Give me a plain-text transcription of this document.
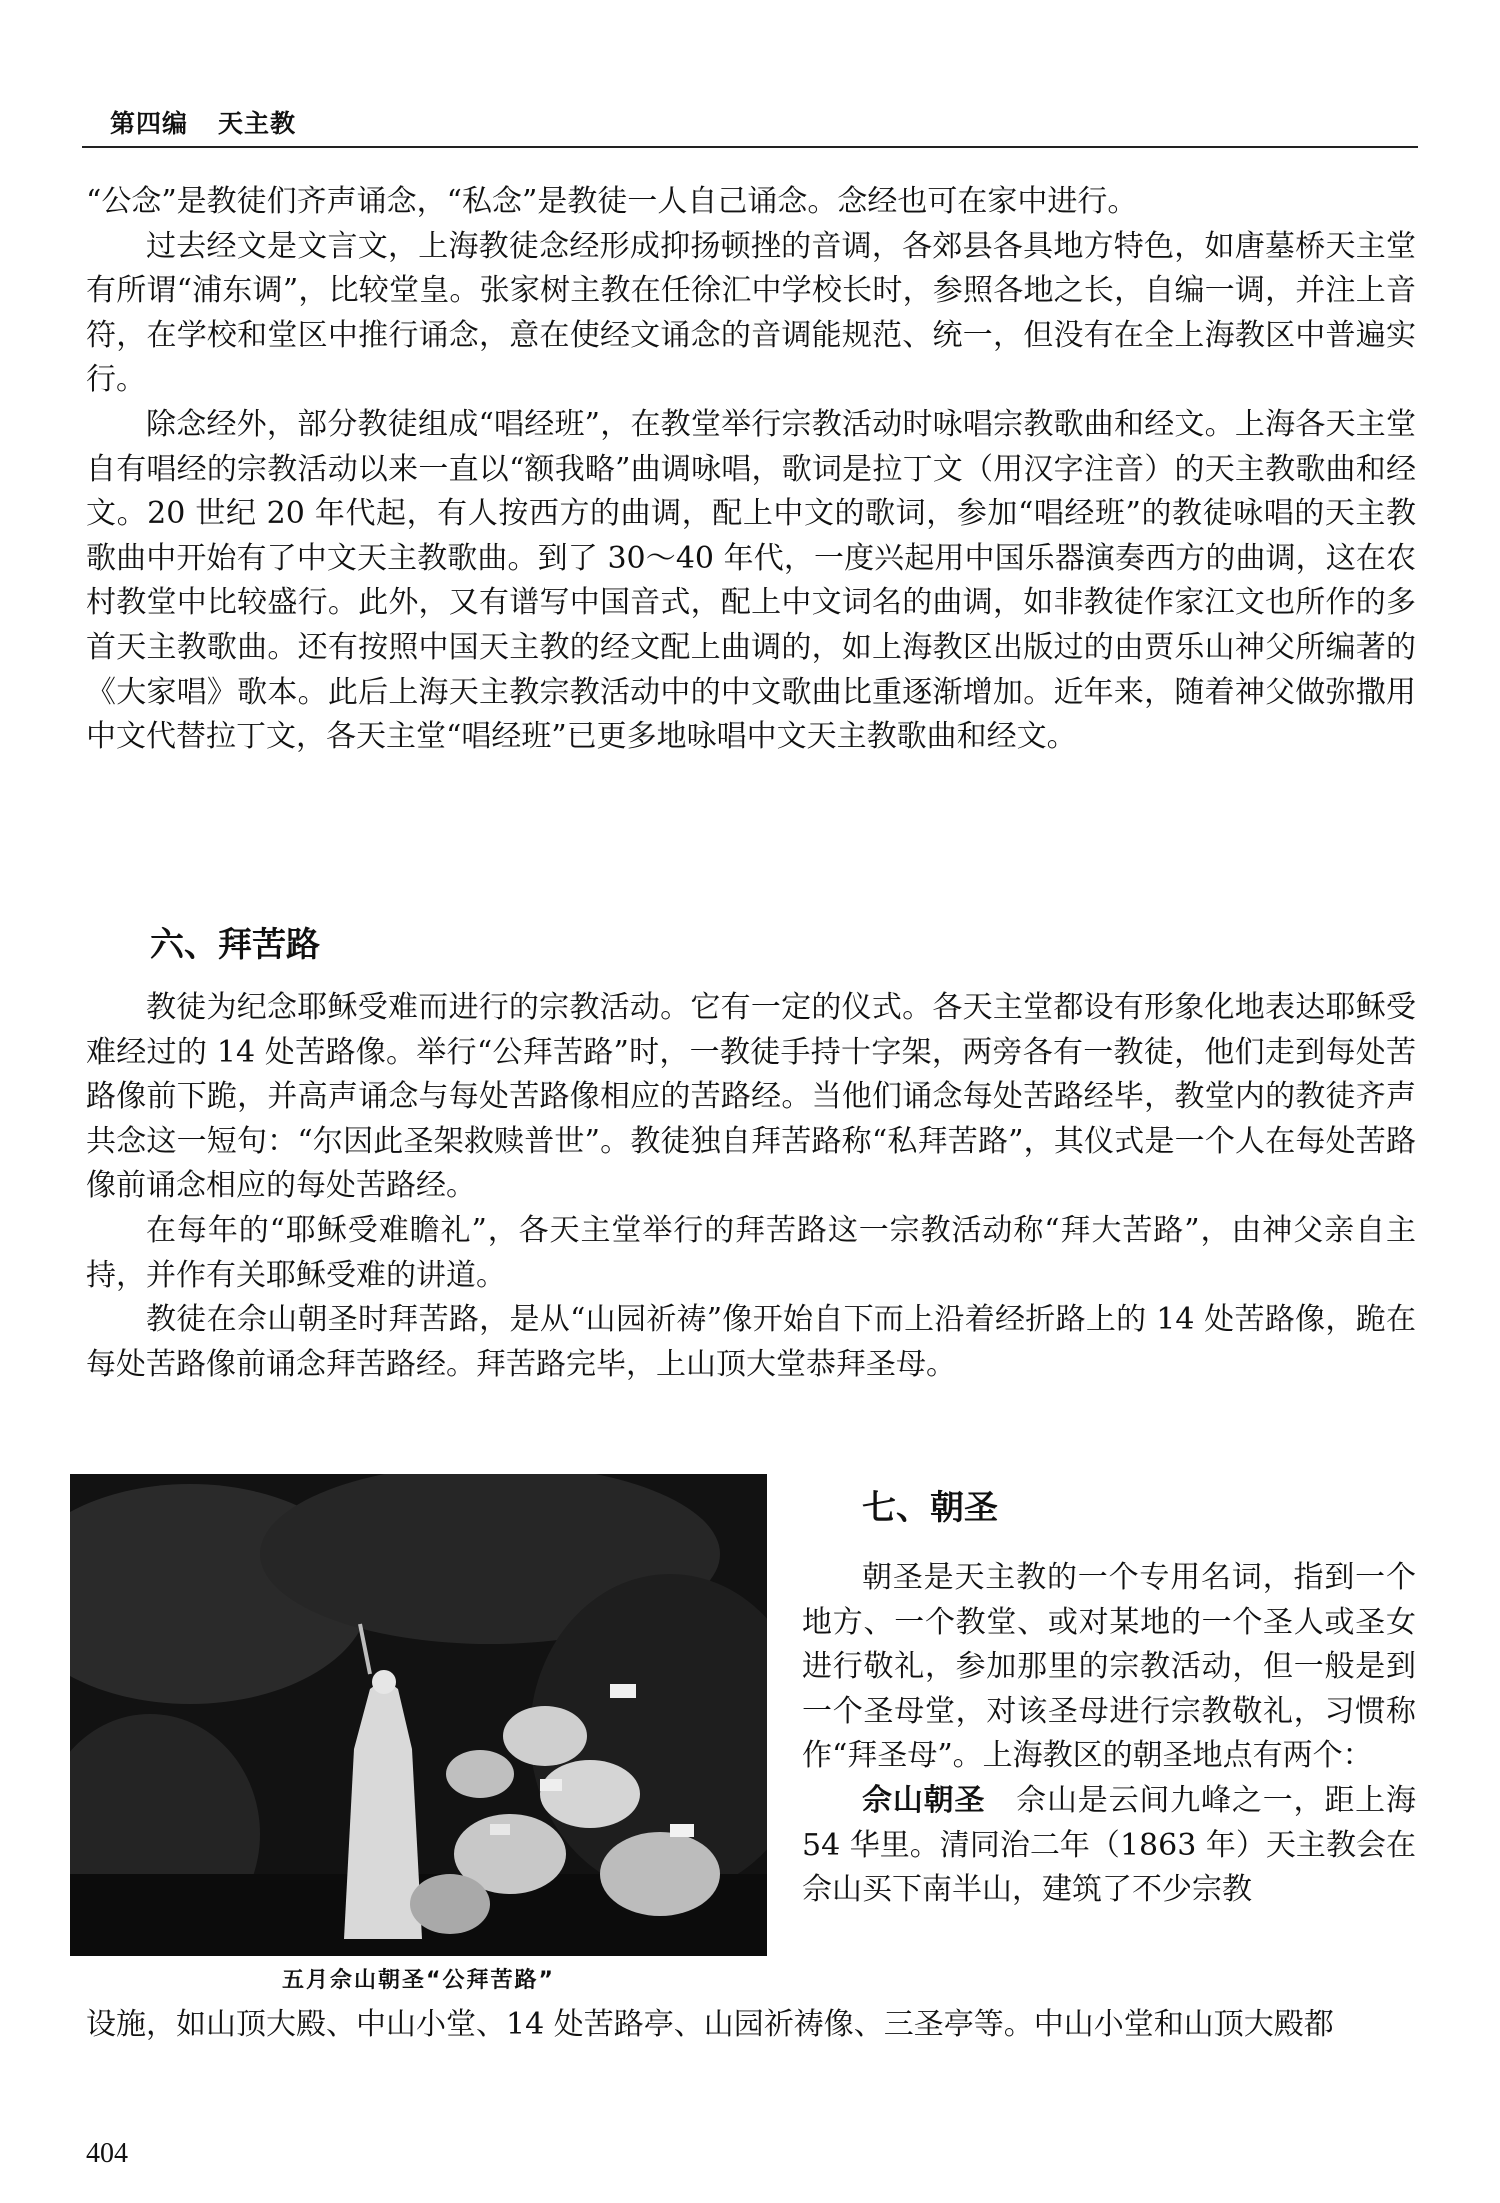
第四编 天主教

“公念”是教徒们齐声诵念，“私念”是教徒一人自己诵念。念经也可在家中进行。

过去经文是文言文，上海教徒念经形成抑扬顿挫的音调，各郊县各具地方特色，如唐墓桥天主堂有所谓“浦东调”，比较堂皇。张家树主教在任徐汇中学校长时，参照各地之长，自编一调，并注上音符，在学校和堂区中推行诵念，意在使经文诵念的音调能规范、统一，但没有在全上海教区中普遍实行。

除念经外，部分教徒组成“唱经班”，在教堂举行宗教活动时咏唱宗教歌曲和经文。上海各天主堂自有唱经的宗教活动以来一直以“额我略”曲调咏唱，歌词是拉丁文（用汉字注音）的天主教歌曲和经文。20 世纪 20 年代起，有人按西方的曲调，配上中文的歌词，参加“唱经班”的教徒咏唱的天主教歌曲中开始有了中文天主教歌曲。到了 30～40 年代，一度兴起用中国乐器演奏西方的曲调，这在农村教堂中比较盛行。此外，又有谱写中国音式，配上中文词名的曲调，如非教徒作家江文也所作的多首天主教歌曲。还有按照中国天主教的经文配上曲调的，如上海教区出版过的由贾乐山神父所编著的《大家唱》歌本。此后上海天主教宗教活动中的中文歌曲比重逐渐增加。近年来，随着神父做弥撒用中文代替拉丁文，各天主堂“唱经班”已更多地咏唱中文天主教歌曲和经文。

六、拜苦路

教徒为纪念耶稣受难而进行的宗教活动。它有一定的仪式。各天主堂都设有形象化地表达耶稣受难经过的 14 处苦路像。举行“公拜苦路”时，一教徒手持十字架，两旁各有一教徒，他们走到每处苦路像前下跪，并高声诵念与每处苦路像相应的苦路经。当他们诵念每处苦路经毕，教堂内的教徒齐声共念这一短句：“尔因此圣架救赎普世”。教徒独自拜苦路称“私拜苦路”，其仪式是一个人在每处苦路像前诵念相应的每处苦路经。

在每年的“耶稣受难瞻礼”，各天主堂举行的拜苦路这一宗教活动称“拜大苦路”，由神父亲自主持，并作有关耶稣受难的讲道。

教徒在佘山朝圣时拜苦路，是从“山园祈祷”像开始自下而上沿着经折路上的 14 处苦路像，跪在每处苦路像前诵念拜苦路经。拜苦路完毕，上山顶大堂恭拜圣母。

五月佘山朝圣“公拜苦路”
七、朝圣

朝圣是天主教的一个专用名词，指到一个地方、一个教堂、或对某地的一个圣人或圣女进行敬礼，参加那里的宗教活动，但一般是到一个圣母堂，对该圣母进行宗教敬礼，习惯称作“拜圣母”。上海教区的朝圣地点有两个：

佘山朝圣　 佘山是云间九峰之一，距上海 54 华里。清同治二年（1863 年）天主教会在佘山买下南半山，建筑了不少宗教

设施，如山顶大殿、中山小堂、14 处苦路亭、山园祈祷像、三圣亭等。中山小堂和山顶大殿都

404
